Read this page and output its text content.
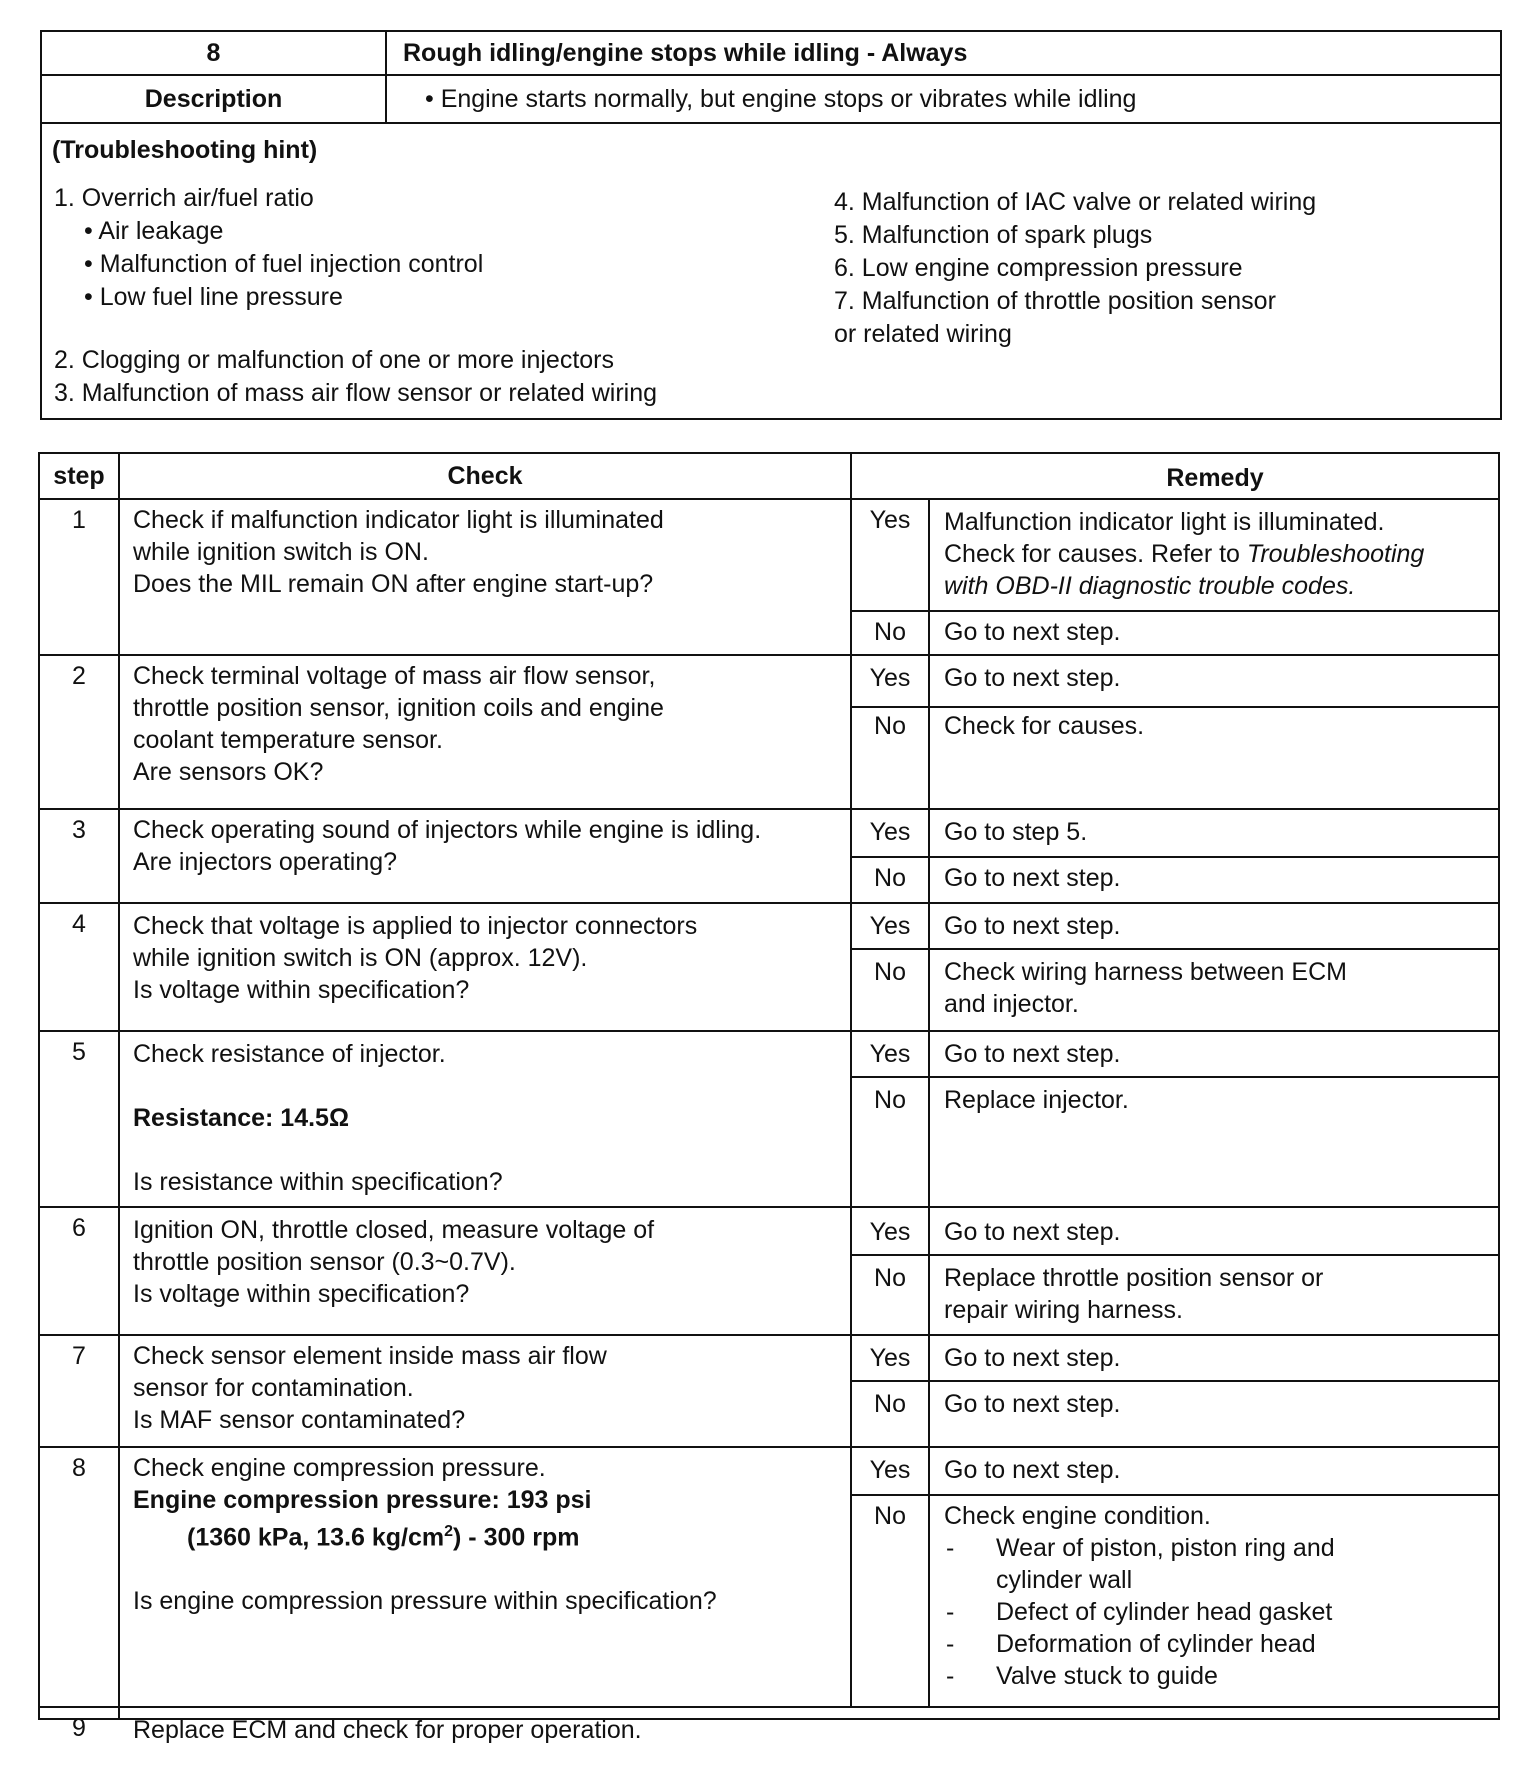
8	Rough idling/engine stops while idling - Always
Description	• Engine starts normally, but engine stops or vibrates while idling
(Troubleshooting hint)
1. Overrich air/fuel ratio
• Air leakage
• Malfunction of fuel injection control
• Low fuel line pressure
2. Clogging or malfunction of one or more injectors
3. Malfunction of mass air flow sensor or related wiring
4. Malfunction of IAC valve or related wiring
5. Malfunction of spark plugs
6. Low engine compression pressure
7. Malfunction of throttle position sensor
or related wiring
step	Check	Remedy
1	Check if malfunction indicator light is illuminated
while ignition switch is ON.
Does the MIL remain ON after engine start-up?
Yes	Malfunction indicator light is illuminated.
Check for causes. Refer to Troubleshooting
with OBD-II diagnostic trouble codes.
No	Go to next step.
2	Check terminal voltage of mass air flow sensor,
throttle position sensor, ignition coils and engine
coolant temperature sensor.
Are sensors OK?
Yes	Go to next step.
No	Check for causes.
3	Check operating sound of injectors while engine is idling.
Are injectors operating?
Yes	Go to step 5.
No	Go to next step.
4	Check that voltage is applied to injector connectors
while ignition switch is ON (approx. 12V).
Is voltage within specification?
Yes	Go to next step.
No	Check wiring harness between ECM
and injector.
5	Check resistance of injector.
Resistance: 14.5Ω
Is resistance within specification?
Yes	Go to next step.
No	Replace injector.
6	Ignition ON, throttle closed, measure voltage of
throttle position sensor (0.3~0.7V).
Is voltage within specification?
Yes	Go to next step.
No	Replace throttle position sensor or
repair wiring harness.
7	Check sensor element inside mass air flow
sensor for contamination.
Is MAF sensor contaminated?
Yes	Go to next step.
No	Go to next step.
8	Check engine compression pressure.
Engine compression pressure: 193 psi
(1360 kPa, 13.6 $kg/cm^2) - 300$ rpm
Is engine compression pressure within specification?
Yes	Go to next step.
No	Check engine condition.
- Wear of piston, piston ring and
cylinder wall
- Defect of cylinder head gasket
- Deformation of cylinder head
- Valve stuck to guide
9	Replace ECM and check for proper operation.
